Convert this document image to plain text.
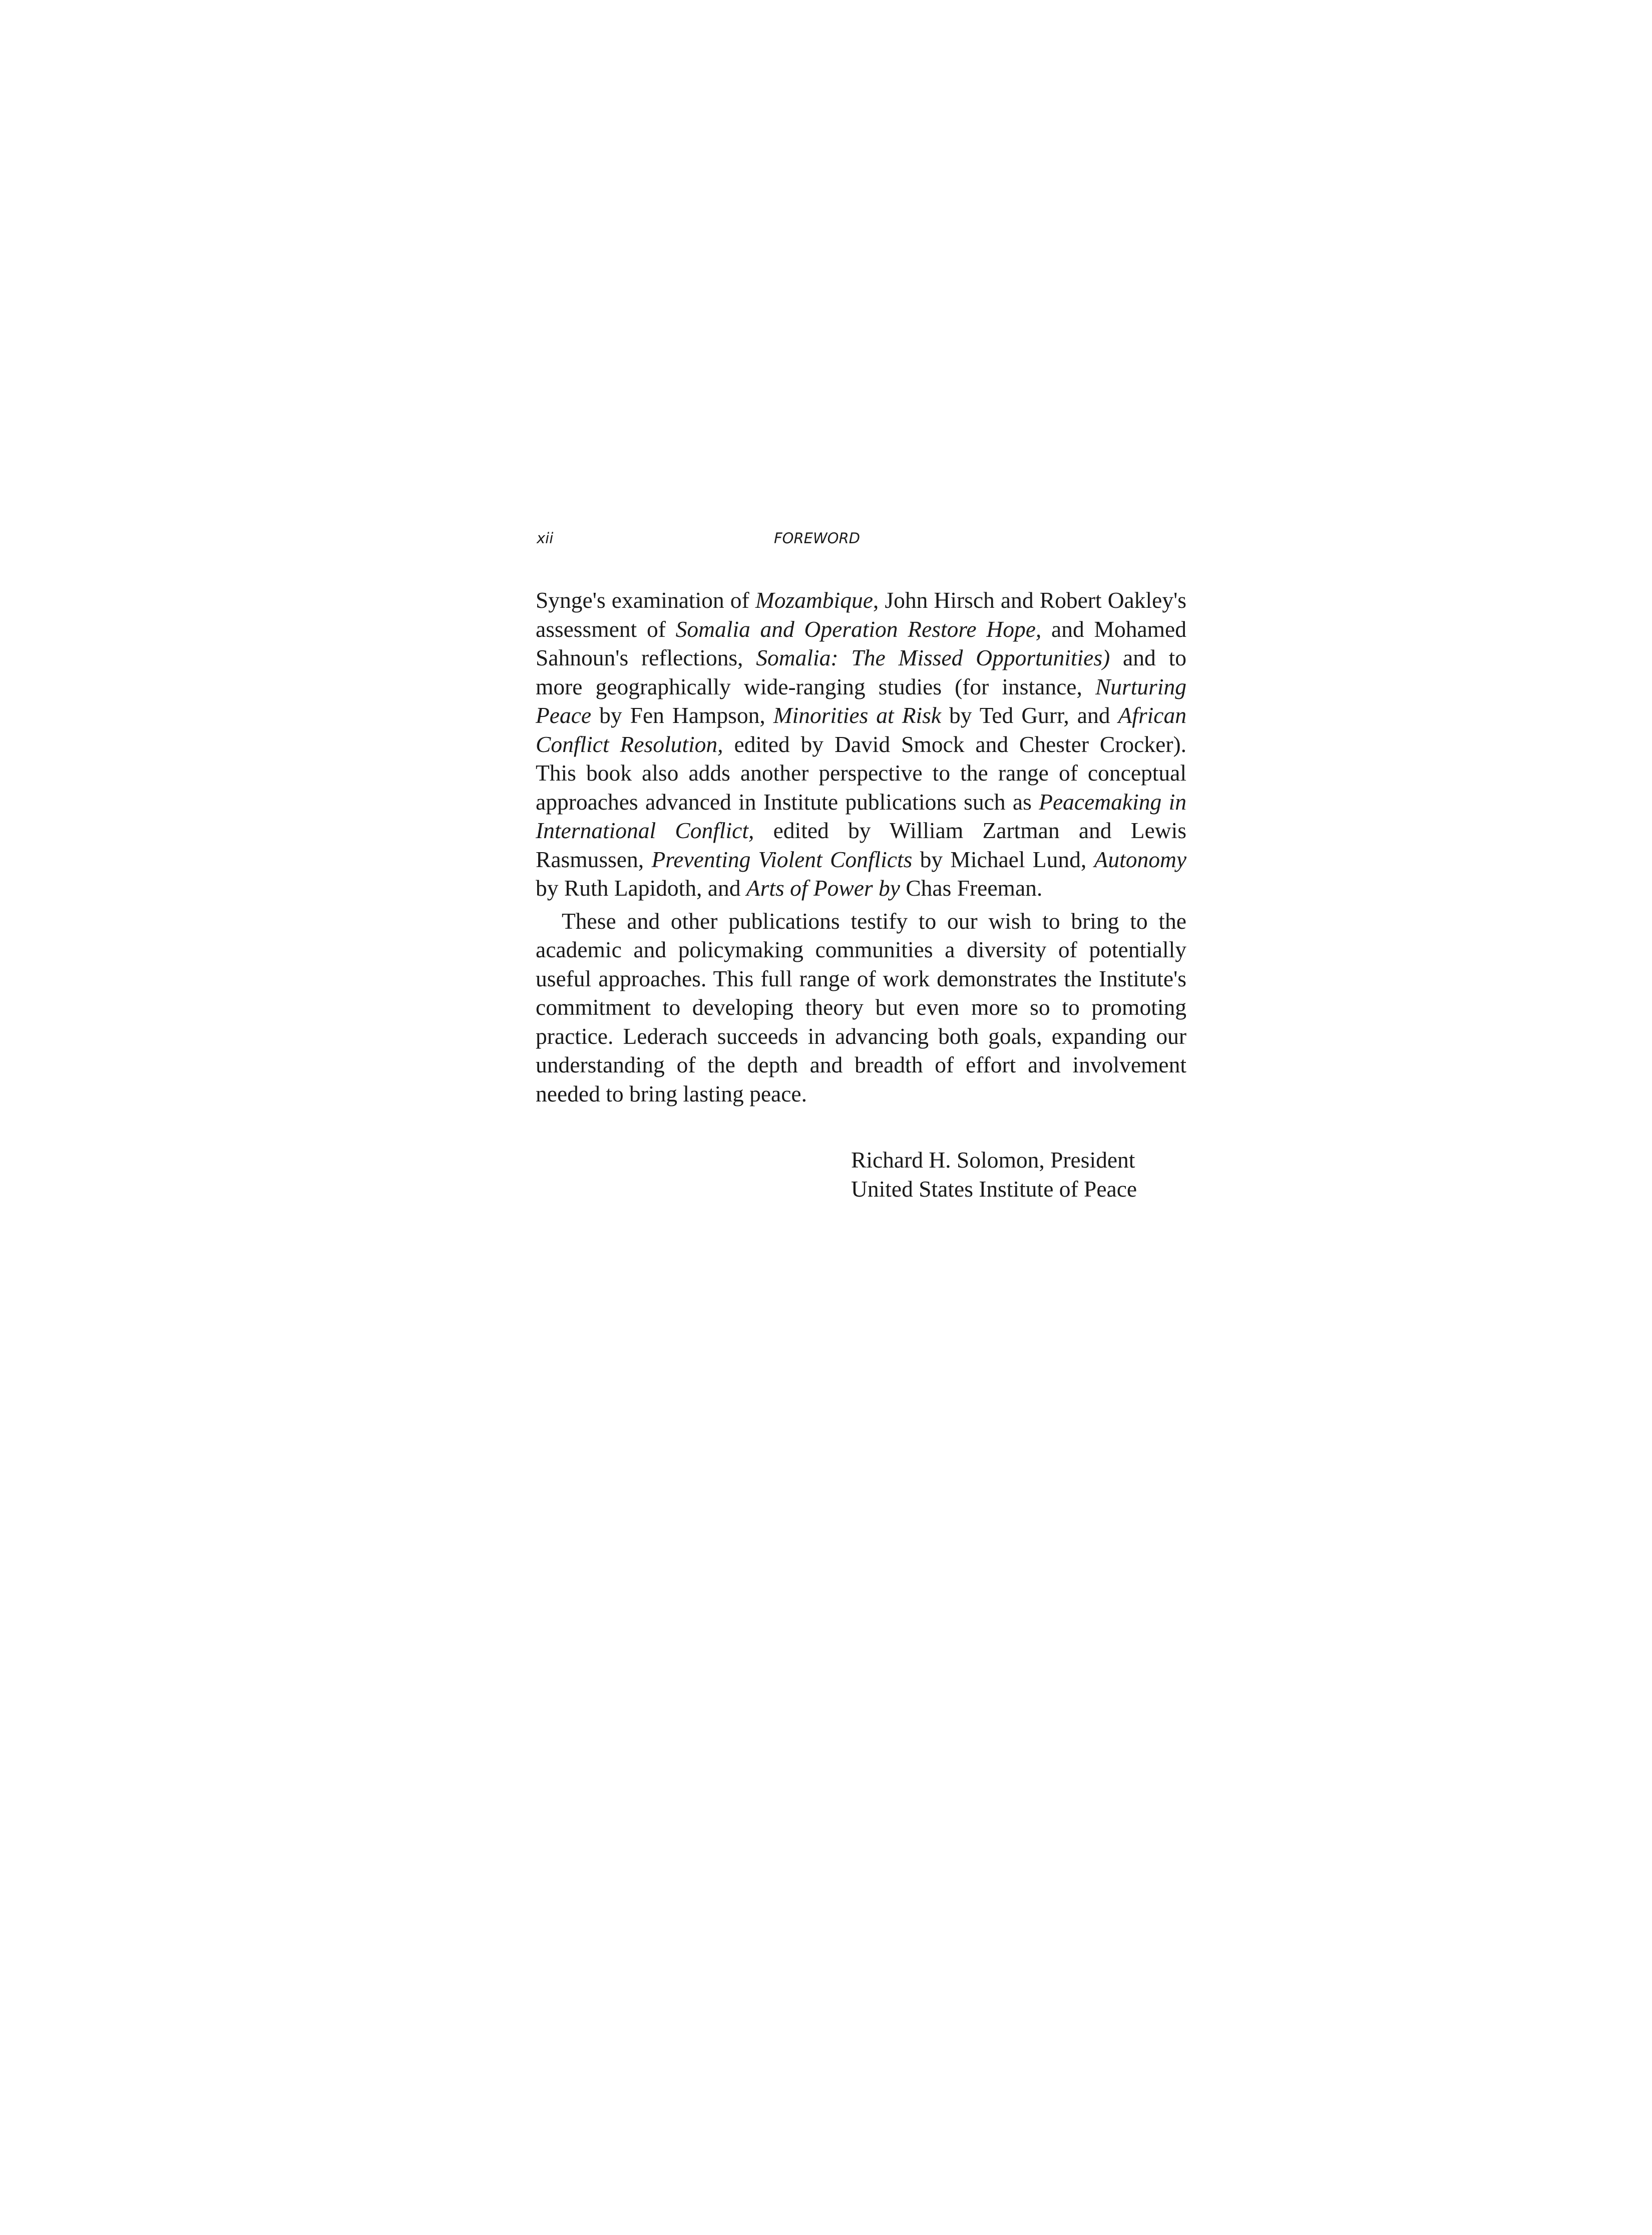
xii	FOREWORD

Synge's examination of Mozambique, John Hirsch and Robert Oakley's assessment of Somalia and Operation Restore Hope, and Mohamed Sahnoun's reflections, Somalia: The Missed Opportunities) and to more geographically wide-ranging studies (for instance, Nurturing Peace by Fen Hampson, Minorities at Risk by Ted Gurr, and African Conflict Resolution, edited by David Smock and Chester Crocker). This book also adds another perspective to the range of conceptual approaches advanced in Institute publications such as Peacemaking in International Conflict, edited by William Zartman and Lewis Rasmussen, Preventing Violent Conflicts by Michael Lund, Autonomy by Ruth Lapidoth, and Arts of Power by Chas Freeman.

These and other publications testify to our wish to bring to the academic and policymaking communities a diversity of potentially useful approaches. This full range of work demonstrates the Institute's commitment to developing theory but even more so to promoting practice. Lederach succeeds in advancing both goals, expanding our understanding of the depth and breadth of effort and involvement needed to bring lasting peace.

Richard H. Solomon, President
United States Institute of Peace
